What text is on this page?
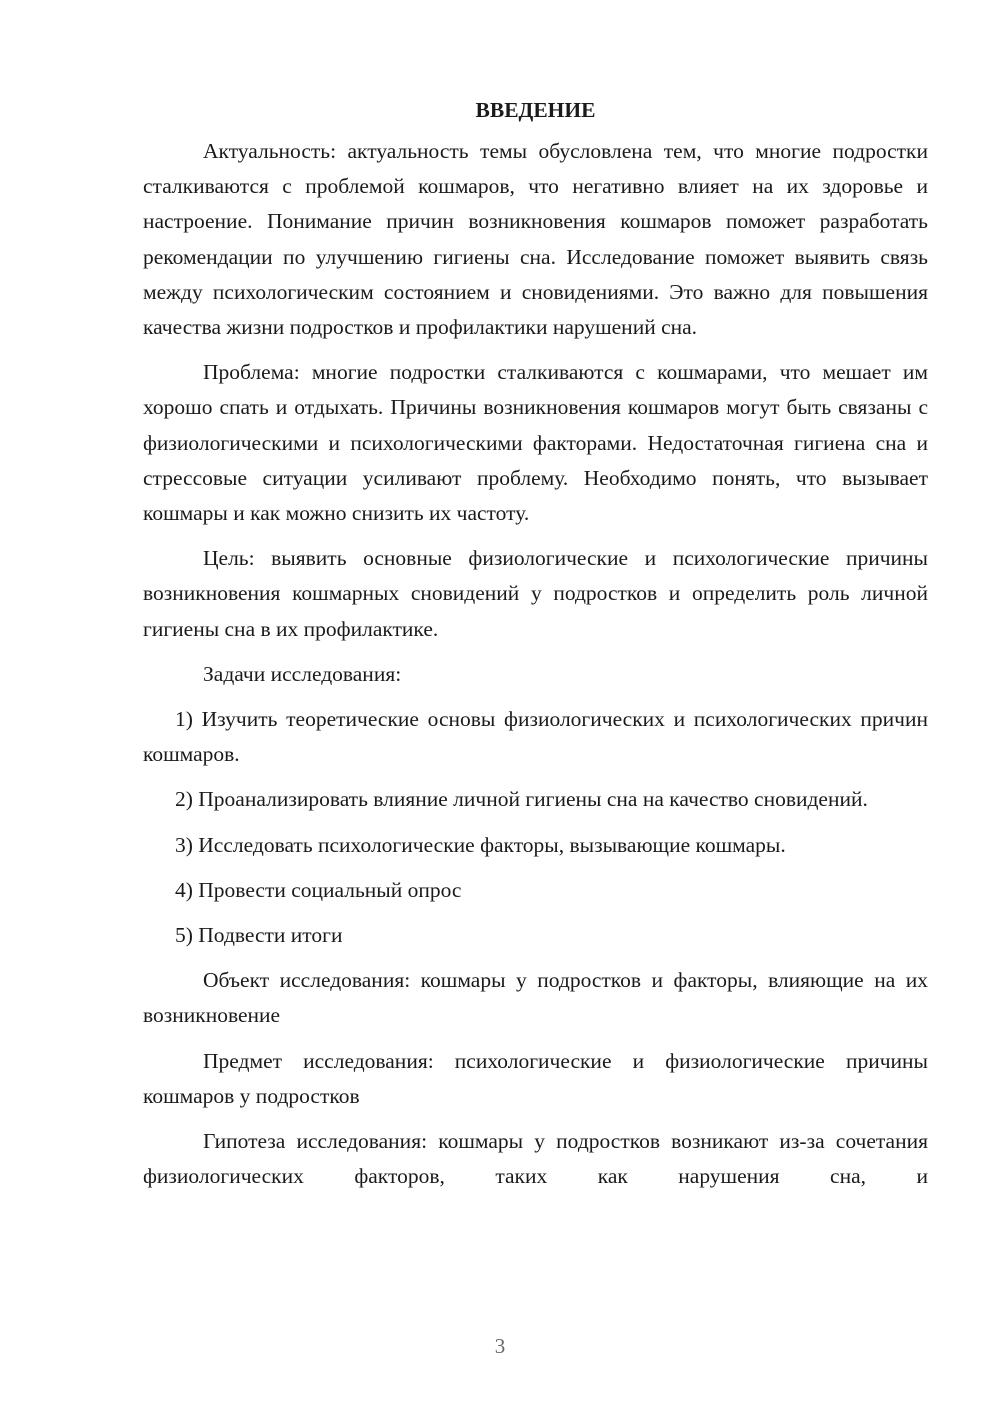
ВВЕДЕНИЕ

Актуальность: актуальность темы обусловлена тем, что многие подростки сталкиваются с проблемой кошмаров, что негативно влияет на их здоровье и настроение. Понимание причин возникновения кошмаров поможет разработать рекомендации по улучшению гигиены сна. Исследование поможет выявить связь между психологическим состоянием и сновидениями. Это важно для повышения качества жизни подростков и профилактики нарушений сна.

Проблема: многие подростки сталкиваются с кошмарами, что мешает им хорошо спать и отдыхать. Причины возникновения кошмаров могут быть связаны с физиологическими и психологическими факторами. Недостаточная гигиена сна и стрессовые ситуации усиливают проблему. Необходимо понять, что вызывает кошмары и как можно снизить их частоту.

Цель: выявить основные физиологические и психологические причины возникновения кошмарных сновидений у подростков и определить роль личной гигиены сна в их профилактике.

Задачи исследования:

1) Изучить теоретические основы физиологических и психологических причин кошмаров.

2) Проанализировать влияние личной гигиены сна на качество сновидений.

3) Исследовать психологические факторы, вызывающие кошмары.

4) Провести социальный опрос

5) Подвести итоги

Объект исследования: кошмары у подростков и факторы, влияющие на их возникновение

Предмет исследования: психологические и физиологические причины кошмаров у подростков

Гипотеза исследования: кошмары у подростков возникают из-за сочетания физиологических факторов, таких как нарушения сна, и

3
